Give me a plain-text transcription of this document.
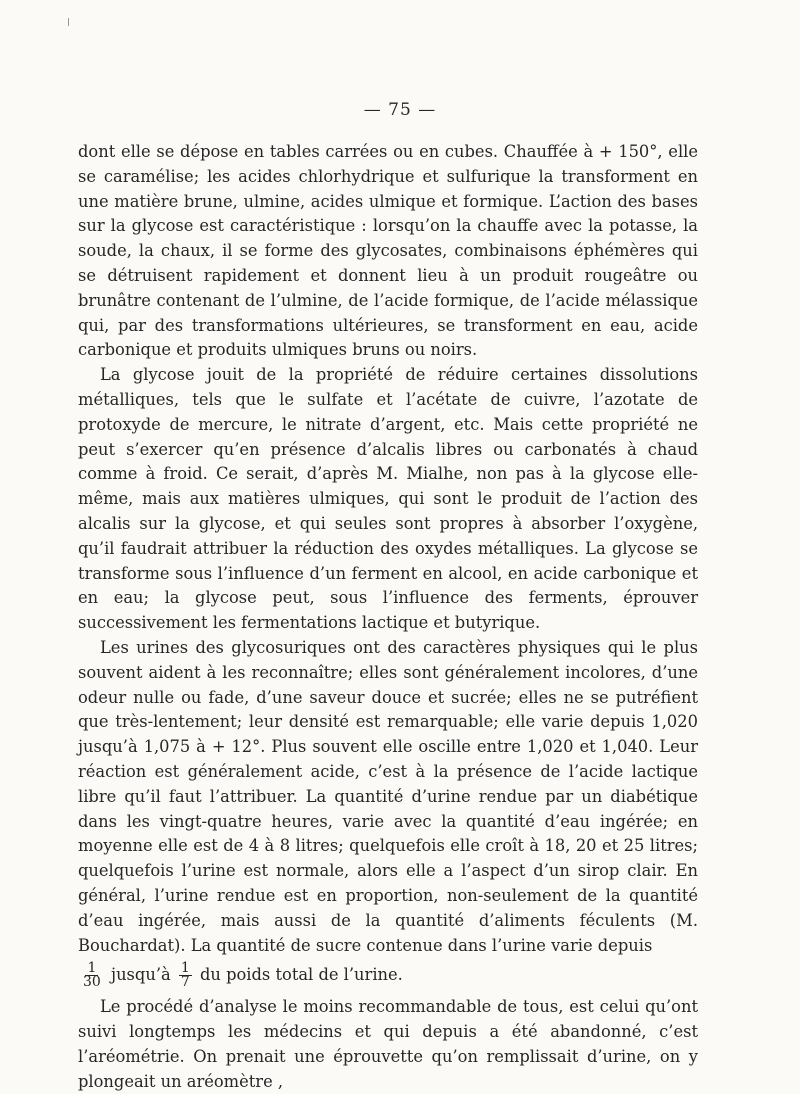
— 75 —

dont elle se dépose en tables carrées ou en cubes. Chauffée à + 150°, elle se caramélise; les acides chlorhydrique et sulfurique la transforment en une matière brune, ulmine, acides ulmique et formique. L’action des bases sur la glycose est caractéristique : lorsqu’on la chauffe avec la potasse, la soude, la chaux, il se forme des glycosates, combinaisons éphémères qui se détruisent rapidement et donnent lieu à un produit rougeâtre ou brunâtre contenant de l’ulmine, de l’acide formique, de l’acide mélassique qui, par des transformations ultérieures, se transforment en eau, acide carbonique et produits ulmiques bruns ou noirs.

La glycose jouit de la propriété de réduire certaines dissolutions métalliques, tels que le sulfate et l’acétate de cuivre, l’azotate de protoxyde de mercure, le nitrate d’argent, etc. Mais cette propriété ne peut s’exercer qu’en présence d’alcalis libres ou carbonatés à chaud comme à froid. Ce serait, d’après M. Mialhe, non pas à la glycose elle-même, mais aux matières ulmiques, qui sont le produit de l’action des alcalis sur la glycose, et qui seules sont propres à absorber l’oxygène, qu’il faudrait attribuer la réduction des oxydes métalliques. La glycose se transforme sous l’influence d’un ferment en alcool, en acide carbonique et en eau; la glycose peut, sous l’influence des ferments, éprouver successivement les fermentations lactique et butyrique.

Les urines des glycosuriques ont des caractères physiques qui le plus souvent aident à les reconnaître; elles sont généralement incolores, d’une odeur nulle ou fade, d’une saveur douce et sucrée; elles ne se putréfient que très-lentement; leur densité est remarquable; elle varie depuis 1,020 jusqu’à 1,075 à + 12°. Plus souvent elle oscille entre 1,020 et 1,040. Leur réaction est généralement acide, c’est à la présence de l’acide lactique libre qu’il faut l’attribuer. La quantité d’urine rendue par un diabétique dans les vingt-quatre heures, varie avec la quantité d’eau ingérée; en moyenne elle est de 4 à 8 litres; quelquefois elle croît à 18, 20 et 25 litres; quelquefois l’urine est normale, alors elle a l’aspect d’un sirop clair. En général, l’urine rendue est en proportion, non-seulement de la quantité d’eau ingérée, mais aussi de la quantité d’aliments féculents (M. Bouchardat). La quantité de sucre contenue dans l’urine varie depuis

$\frac{1}{30}$ jusqu’à $\frac{1}{7}$ du poids total de l’urine.

Le procédé d’analyse le moins recommandable de tous, est celui qu’ont suivi longtemps les médecins et qui depuis a été abandonné, c’est l’aréométrie. On prenait une éprouvette qu’on remplissait d’urine, on y plongeait un aréomètre ,
